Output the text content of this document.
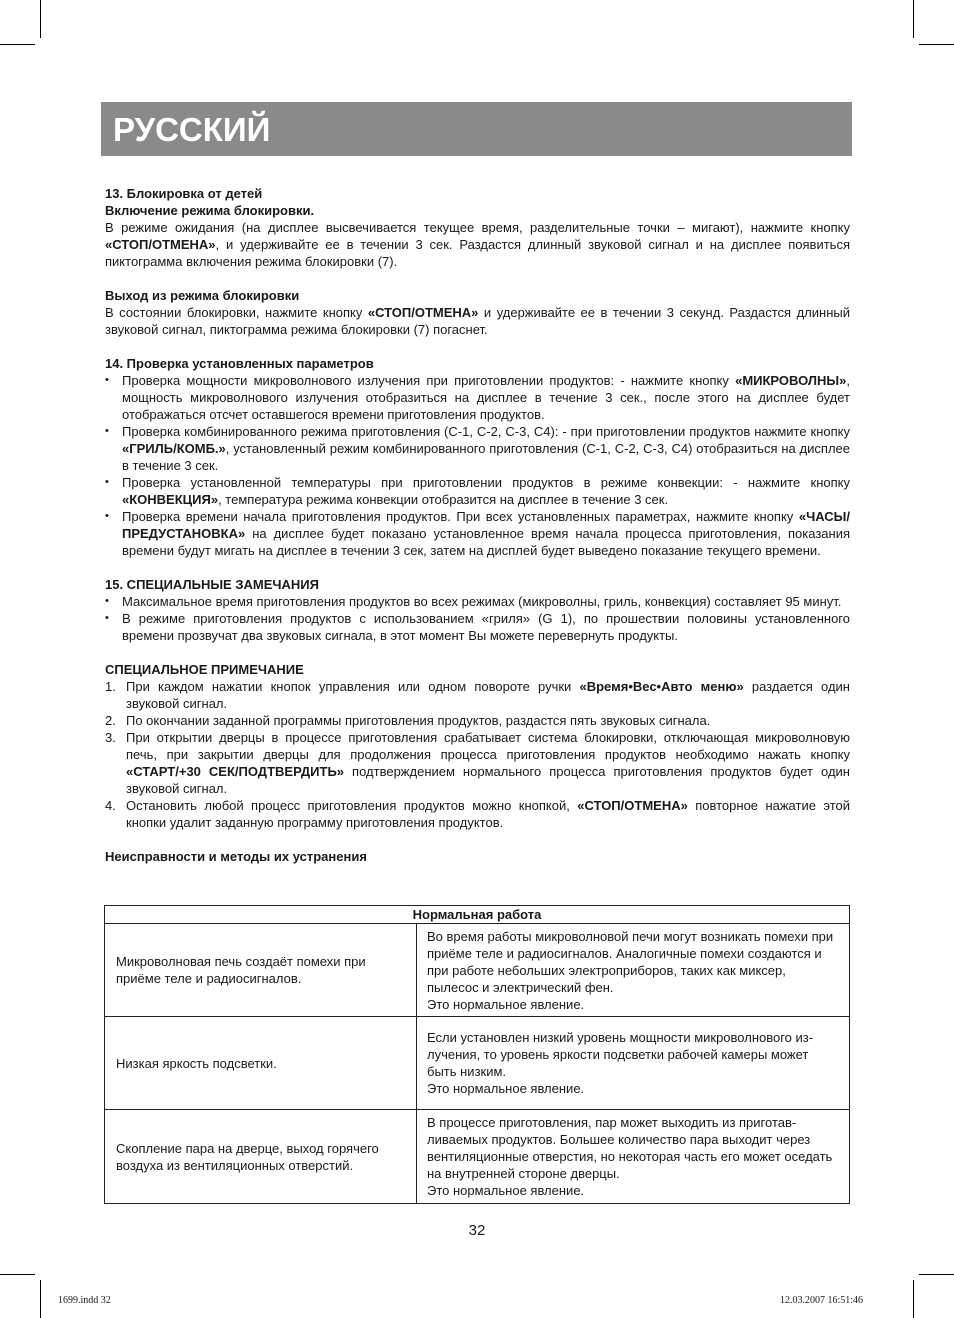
РУССКИЙ

13. Блокировка от детей

Включение режима блокировки.

В режиме ожидания (на дисплее высвечивается текущее время, разделительные точки – мигают), нажмите кнопку «СТОП/ОТМЕНА», и удерживайте ее в течении 3 сек. Раздастся длинный звуковой сигнал и на дисплее появиться пиктограмма включения режима блокировки (7).

Выход из режима блокировки

В состоянии блокировки, нажмите кнопку «СТОП/ОТМЕНА» и удерживайте ее в течении 3 секунд. Раздастся длинный звуковой сигнал, пиктограмма режима блокировки (7) погаснет.

14. Проверка установленных параметров

• Проверка мощности микроволнового излучения при приготовлении продуктов: - нажмите кнопку «МИКРОВОЛНЫ», мощность микроволнового излучения отобразиться на дисплее в течение 3 сек., после этого на дисплее будет отображаться отсчет оставшегося времени приготовления продуктов.
• Проверка комбинированного режима приготовления (С-1, С-2, С-3, С4): - при приготовлении продуктов нажмите кнопку «ГРИЛЬ/КОМБ.», установленный режим комбинированного приготовления (С-1, С-2, С-3, С4) отобразиться на дисплее в течение 3 сек.
• Проверка установленной температуры при приготовлении продуктов в режиме конвекции: - нажмите кнопку «КОНВЕКЦИЯ», температура режима конвекции отобразится на дисплее в течение 3 сек.
• Проверка времени начала приготовления продуктов. При всех установленных параметрах, нажмите кнопку «ЧАСЫ/ПРЕДУСТАНОВКА» на дисплее будет показано установленное время начала процесса приготовления, показания времени будут мигать на дисплее в течении 3 сек, затем на дисплей будет выведено показание текущего времени.

15. СПЕЦИАЛЬНЫЕ ЗАМЕЧАНИЯ

• Максимальное время приготовления продуктов во всех режимах (микроволны, гриль, конвекция) составляет 95 минут.
• В режиме приготовления продуктов с использованием «гриля» (G 1), по прошествии половины установленного времени прозвучат два звуковых сигнала, в этот момент Вы можете перевернуть продукты.

СПЕЦИАЛЬНОЕ ПРИМЕЧАНИЕ

1. При каждом нажатии кнопок управления или одном повороте ручки «Время•Вес•Авто меню» раздается один звуковой сигнал.
2. По окончании заданной программы приготовления продуктов, раздастся пять звуковых сигнала.
3. При открытии дверцы в процессе приготовления срабатывает система блокировки, отключающая микроволновую печь, при закрытии дверцы для продолжения процесса приготовления продуктов необходимо нажать кнопку «СТАРТ/+30 СЕК/ПОДТВЕРДИТЬ» подтверждением нормального процесса приготовления продуктов будет один звуковой сигнал.
4. Остановить любой процесс приготовления продуктов можно кнопкой, «СТОП/ОТМЕНА» повторное нажатие этой кнопки удалит заданную программу приготовления продуктов.

Неисправности и методы их устранения

Нормальная работа	
Микроволновая печь создаёт помехи при приёме теле и радиосигналов.	Во время работы микроволновой печи могут возникать помехи при приёме теле и радиосигналов. Аналогичные помехи создаются и при работе небольших электроприборов, таких как миксер, пылесос и электрический фен.
Это нормальное явление.

Низкая яркость подсветки.	Если установлен низкий уровень мощности микроволнового излучения, то уровень яркости подсветки рабочей камеры может быть низким.
Это нормальное явление.

Скопление пара на дверце, выход горячего воздуха из вентиляционных отверстий.	В процессе приготовления, пар может выходить из приготавливаемых продуктов. Большее количество пара выходит через вентиляционные отверстия, но некоторая часть его может оседать на внутренней стороне дверцы.
Это нормальное явление.
32
1699.indd 32	12.03.2007 16:51:46
